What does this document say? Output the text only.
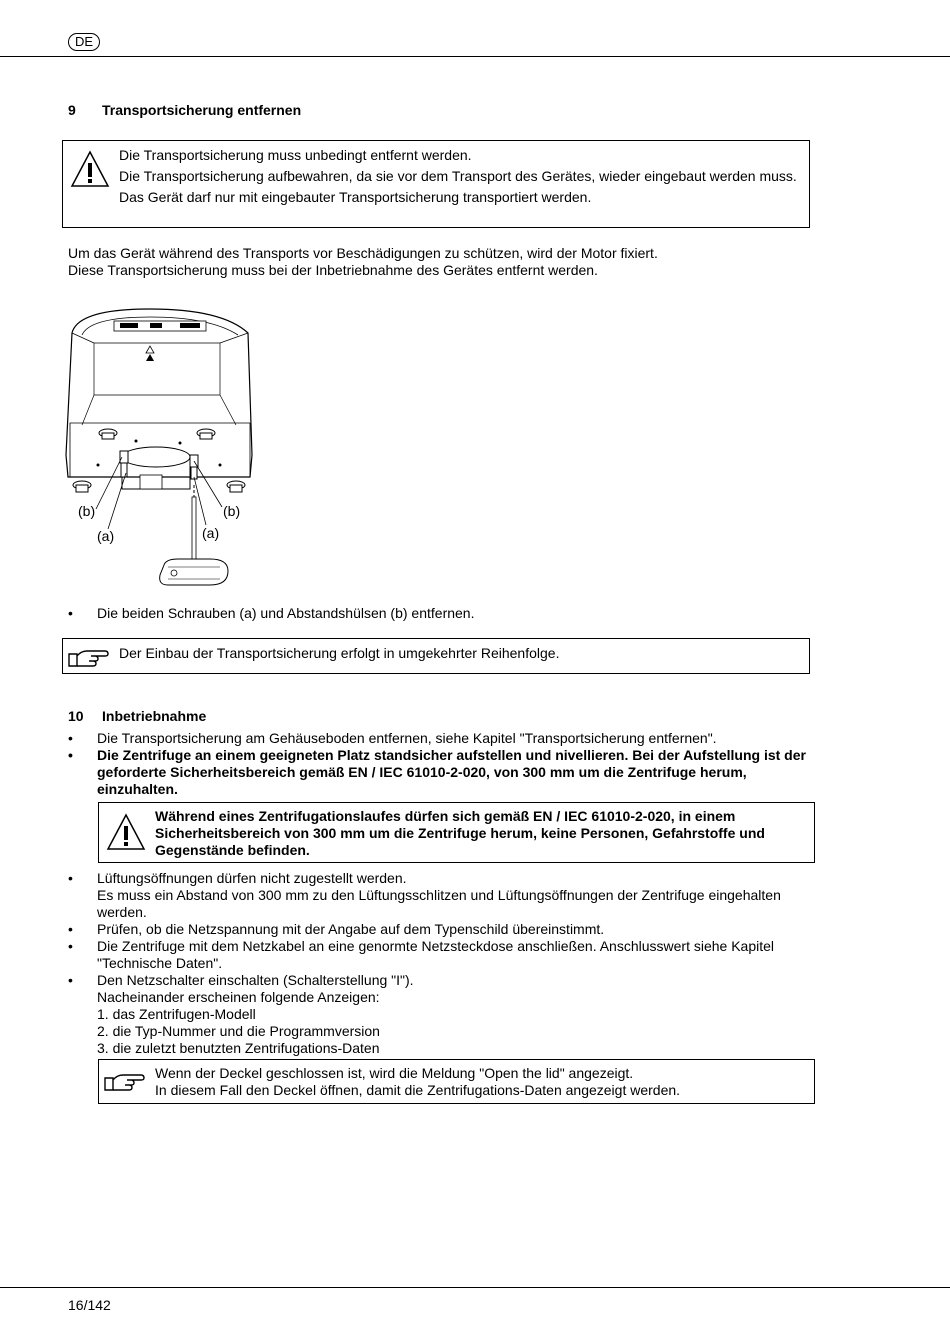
DE
9 Transportsicherung entfernen

Die Transportsicherung muss unbedingt entfernt werden.

Die Transportsicherung aufbewahren, da sie vor dem Transport des Gerätes, wieder eingebaut werden muss.

Das Gerät darf nur mit eingebauter Transportsicherung transportiert werden.

Um das Gerät während des Transports vor Beschädigungen zu schützen, wird der Motor fixiert.

Diese Transportsicherung muss bei der Inbetriebnahme des Gerätes entfernt werden.

(b)	(b)
(a)	(a)
• Die beiden Schrauben (a) und Abstandshülsen (b) entfernen.
Der Einbau der Transportsicherung erfolgt in umgekehrter Reihenfolge.
10 Inbetriebnahme
• Die Transportsicherung am Gehäuseboden entfernen, siehe Kapitel "Transportsicherung entfernen".
• Die Zentrifuge an einem geeigneten Platz standsicher aufstellen und nivellieren. Bei der Aufstellung ist der geforderte Sicherheitsbereich gemäß EN / IEC 61010-2-020, von 300 mm um die Zentrifuge herum, einzuhalten.
Während eines Zentrifugationslaufes dürfen sich gemäß EN / IEC 61010-2-020, in einem Sicherheitsbereich von 300 mm um die Zentrifuge herum, keine Personen, Gefahrstoffe und Gegenstände befinden.
• Lüftungsöffnungen dürfen nicht zugestellt werden.
Es muss ein Abstand von 300 mm zu den Lüftungsschlitzen und Lüftungsöffnungen der Zentrifuge eingehalten werden.
• Prüfen, ob die Netzspannung mit der Angabe auf dem Typenschild übereinstimmt.
• Die Zentrifuge mit dem Netzkabel an eine genormte Netzsteckdose anschließen. Anschlusswert siehe Kapitel "Technische Daten".
• Den Netzschalter einschalten (Schalterstellung "I").
Nacheinander erscheinen folgende Anzeigen:
1. das Zentrifugen-Modell
2. die Typ-Nummer und die Programmversion
3. die zuletzt benutzten Zentrifugations-Daten

Wenn der Deckel geschlossen ist, wird die Meldung "Open the lid" angezeigt.

In diesem Fall den Deckel öffnen, damit die Zentrifugations-Daten angezeigt werden.

16/142
